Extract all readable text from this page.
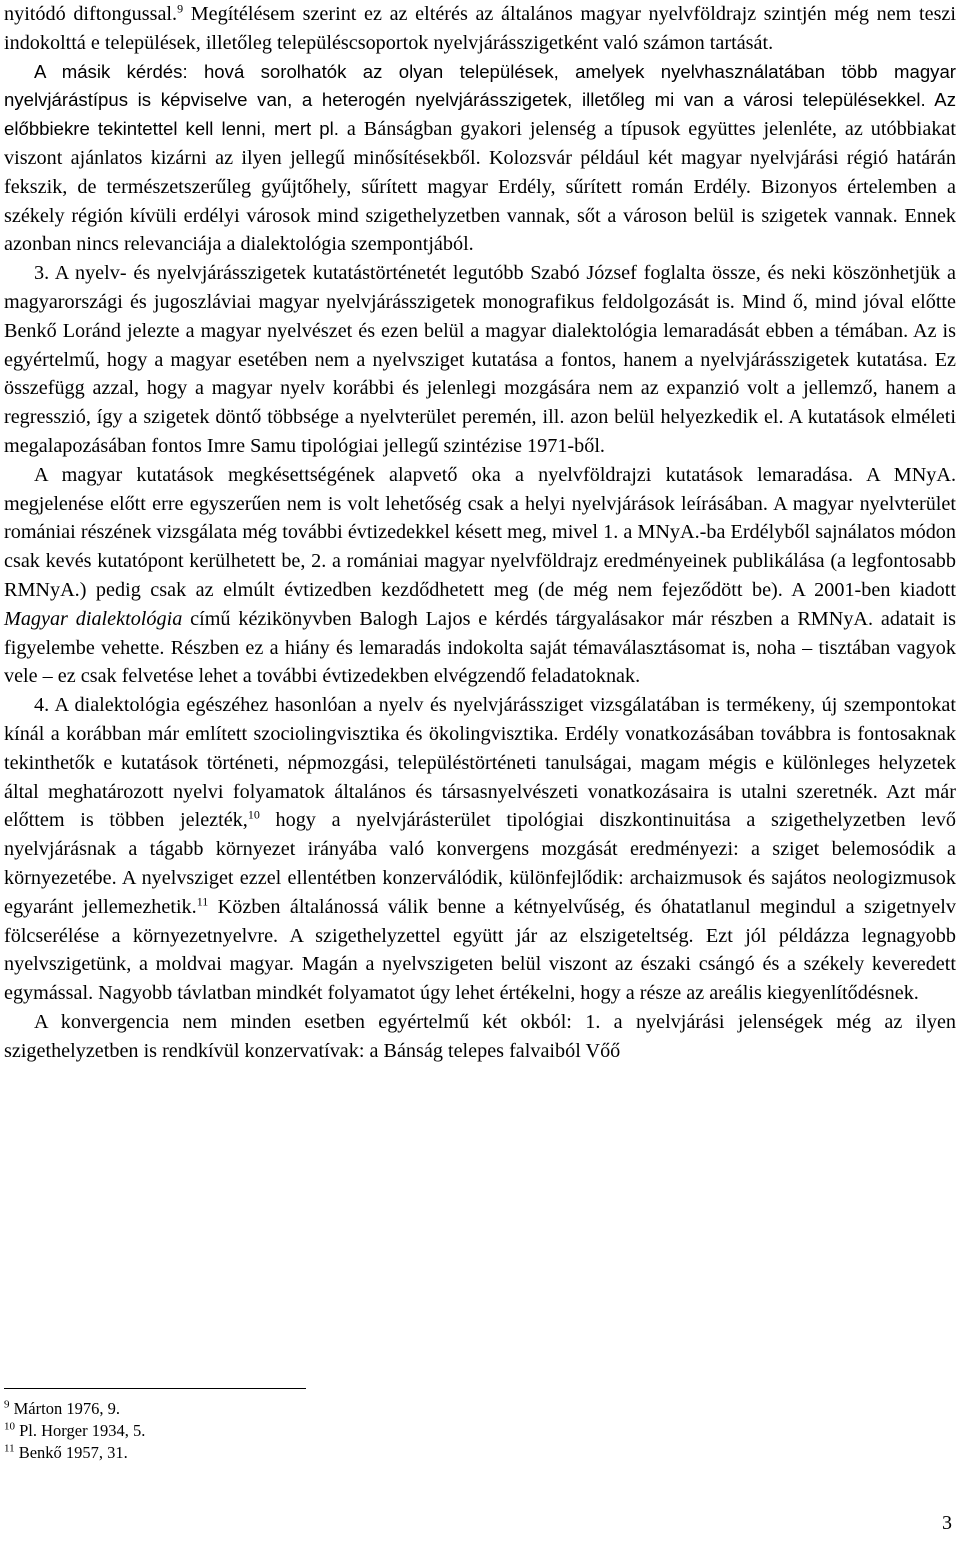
nyitódó diftongussal.$^9$ Megítélésem szerint ez az eltérés az általános magyar nyelvföldrajz szintjén még nem teszi indokolttá e települések, illetőleg településcsoportok nyelvjárásszigetként való számon tartását.

A másik kérdés: hová sorolhatók az olyan települések, amelyek nyelvhasználatában több magyar nyelvjárástípus is képviselve van, a heterogén nyelvjárásszigetek, illetőleg mi van a városi településekkel. Az előbbiekre tekintettel kell lenni, mert pl. a Bánságban gyakori jelenség a típusok együttes jelenléte, az utóbbiakat viszont ajánlatos kizárni az ilyen jellegű minősítésekből. Kolozsvár például két magyar nyelvjárási régió határán fekszik, de természetszerűleg gyűjtőhely, sűrített magyar Erdély, sűrített román Erdély. Bizonyos értelemben a székely régión kívüli erdélyi városok mind szigethelyzetben vannak, sőt a városon belül is szigetek vannak. Ennek azonban nincs relevanciája a dialektológia szempontjából.

3. A nyelv- és nyelvjárásszigetek kutatástörténetét legutóbb Szabó József foglalta össze, és neki köszönhetjük a magyarországi és jugoszláviai magyar nyelvjárásszigetek monografikus feldolgozását is. Mind ő, mind jóval előtte Benkő Loránd jelezte a magyar nyelvészet és ezen belül a magyar dialektológia lemaradását ebben a témában. Az is egyértelmű, hogy a magyar esetében nem a nyelvsziget kutatása a fontos, hanem a nyelvjárásszigetek kutatása. Ez összefügg azzal, hogy a magyar nyelv korábbi és jelenlegi mozgására nem az expanzió volt a jellemző, hanem a regresszió, így a szigetek döntő többsége a nyelvterület peremén, ill. azon belül helyezkedik el. A kutatások elméleti megalapozásában fontos Imre Samu tipológiai jellegű szintézise 1971-ből.

A magyar kutatások megkésettségének alapvető oka a nyelvföldrajzi kutatások lemaradása. A MNyA. megjelenése előtt erre egyszerűen nem is volt lehetőség csak a helyi nyelvjárások leírásában. A magyar nyelvterület romániai részének vizsgálata még további évtizedekkel késett meg, mivel 1. a MNyA.-ba Erdélyből sajnálatos módon csak kevés kutatópont kerülhetett be, 2. a romániai magyar nyelvföldrajz eredményeinek publikálása (a legfontosabb RMNyA.) pedig csak az elmúlt évtizedben kezdődhetett meg (de még nem fejeződött be). A 2001-ben kiadott Magyar dialektológia című kézikönyvben Balogh Lajos e kérdés tárgyalásakor már részben a RMNyA. adatait is figyelembe vehette. Részben ez a hiány és lemaradás indokolta saját témaválasztásomat is, noha – tisztában vagyok vele – ez csak felvetése lehet a további évtizedekben elvégzendő feladatoknak.

4. A dialektológia egészéhez hasonlóan a nyelv és nyelvjárássziget vizsgálatában is termékeny, új szempontokat kínál a korábban már említett szociolingvisztika és ökolingvisztika. Erdély vonatkozásában továbbra is fontosaknak tekinthetők e kutatások történeti, népmozgási, településtörténeti tanulságai, magam mégis e különleges helyzetek által meghatározott nyelvi folyamatok általános és társasnyelvészeti vonatkozásaira is utalni szeretnék. Azt már előttem is többen jelezték,$^{10}$ hogy a nyelvjárásterület tipológiai diszkontinuitása a szigethelyzetben levő nyelvjárásnak a tágabb környezet irányába való konvergens mozgását eredményezi: a sziget belemosódik a környezetébe. A nyelvsziget ezzel ellentétben konzerválódik, különfejlődik: archaizmusok és sajátos neologizmusok egyaránt jellemezhetik.$^{11}$ Közben általánossá válik benne a kétnyelvűség, és óhatatlanul megindul a szigetnyelv fölcserélése a környezetnyelvre. A szigethelyzettel együtt jár az elszigeteltség. Ezt jól példázza legnagyobb nyelvszigetünk, a moldvai magyar. Magán a nyelvszigeten belül viszont az északi csángó és a székely keveredett egymással. Nagyobb távlatban mindkét folyamatot úgy lehet értékelni, hogy a része az areális kiegyenlítődésnek.

A konvergencia nem minden esetben egyértelmű két okból: 1. a nyelvjárási jelenségek még az ilyen szigethelyzetben is rendkívül konzervatívak: a Bánság telepes falvaiból Vőő

$^9$ Márton 1976, 9.
$^{10}$ Pl. Horger 1934, 5.
$^{11}$ Benkő 1957, 31.
3
